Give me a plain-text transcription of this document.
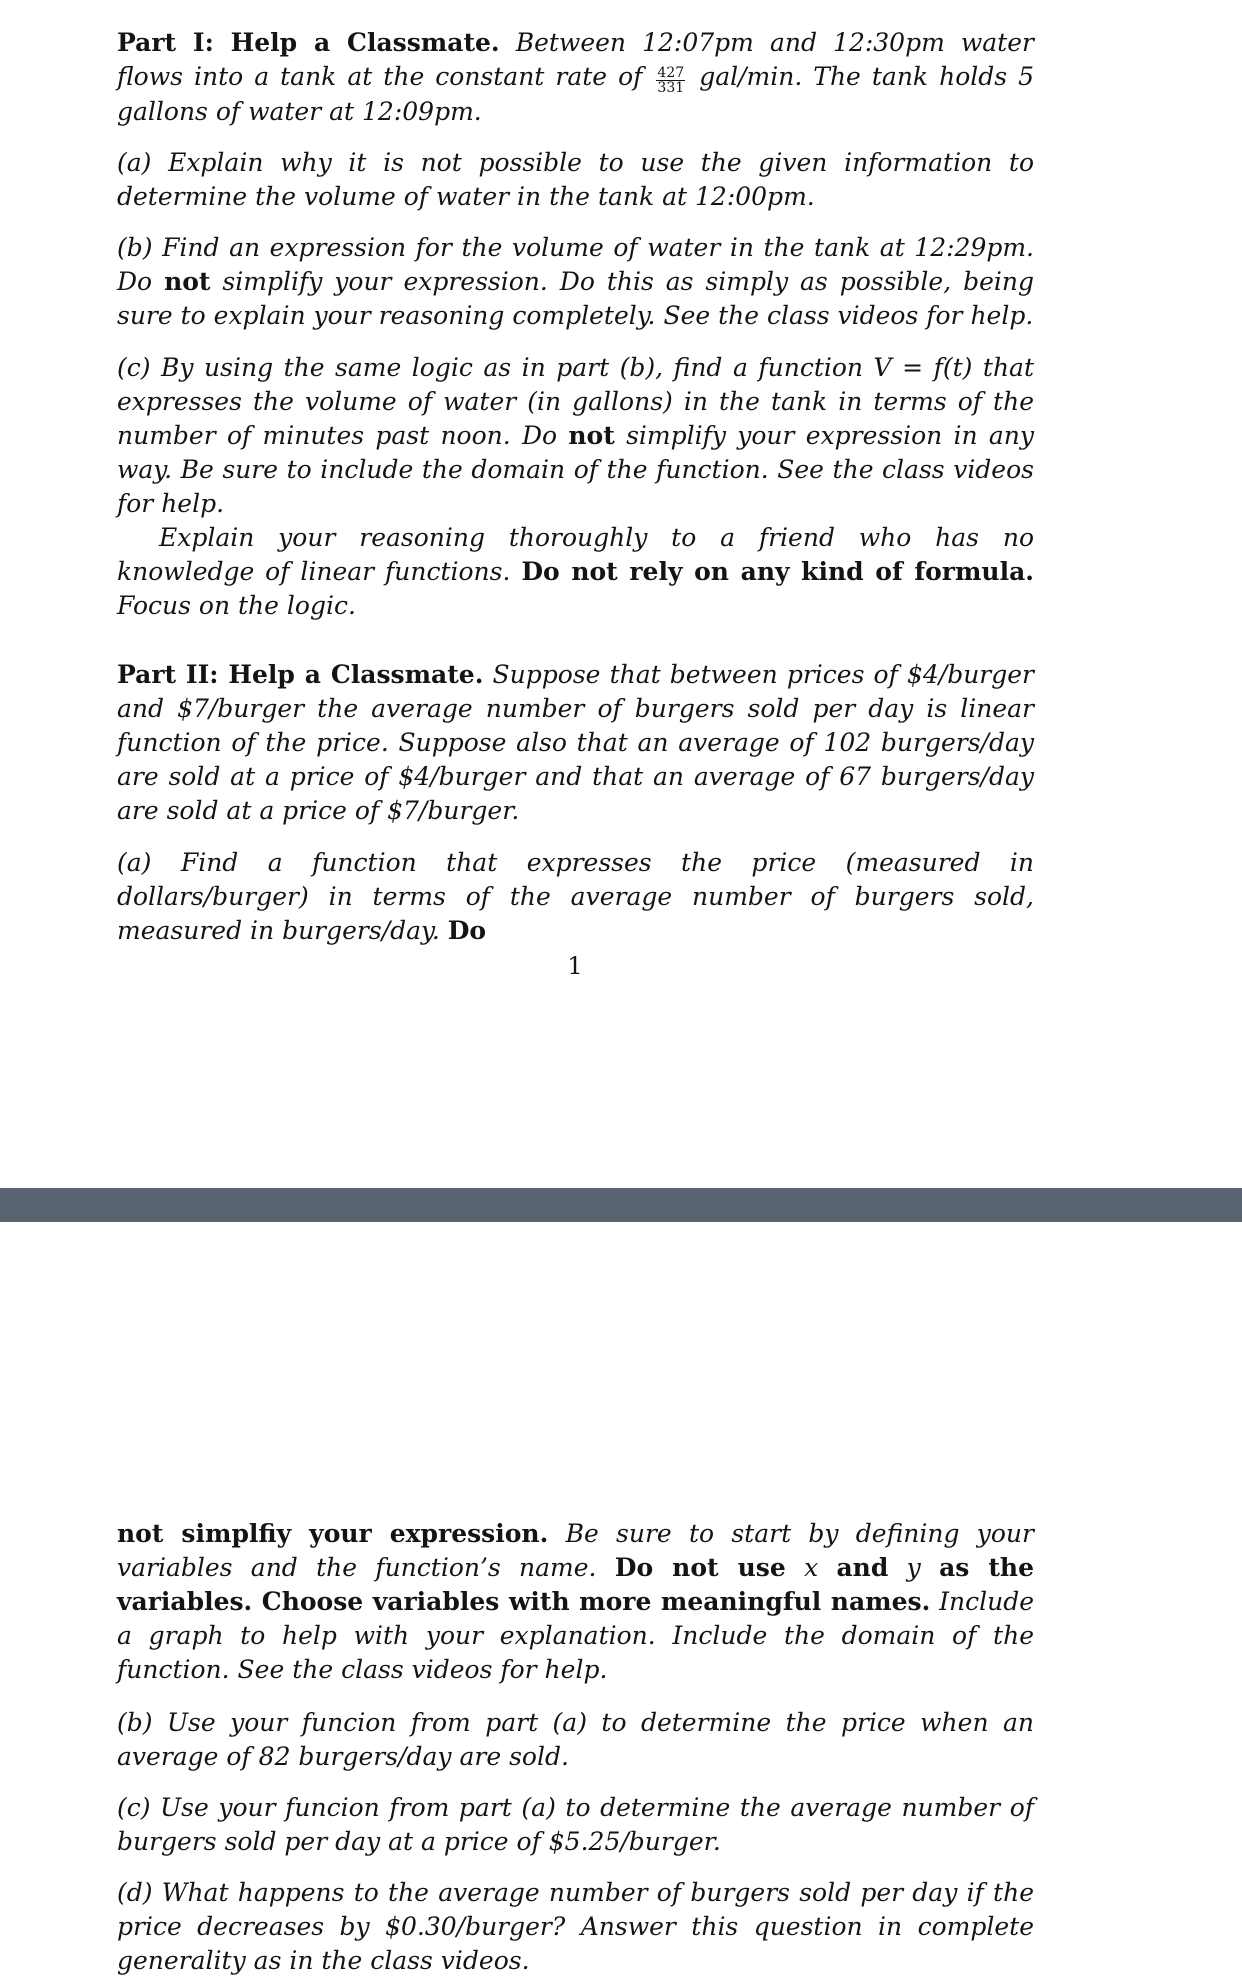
Part I: Help a Classmate. Between 12:07pm and 12:30pm water flows into a tank at the constant rate of $\frac{427}{331} gal/\min$. The tank holds 5 gallons of water at 12:09pm.

(a) Explain why it is not possible to use the given information to determine the volume of water in the tank at 12:00pm.

(b) Find an expression for the volume of water in the tank at 12:29pm. Do not simplify your expression. Do this as simply as possible, being sure to explain your reasoning completely. See the class videos for help.

(c) By using the same logic as in part (b), find a function V = f(t) that expresses the volume of water (in gallons) in the tank in terms of the number of minutes past noon. Do not simplify your expression in any way. Be sure to include the domain of the function. See the class videos for help.
Explain your reasoning thoroughly to a friend who has no knowledge of linear functions. Do not rely on any kind of formula. Focus on the logic.

Part II: Help a Classmate. Suppose that between prices of $4/burger and $7/burger the average number of burgers sold per day is linear function of the price. Suppose also that an average of 102 burgers/day are sold at a price of $4/burger and that an average of 67 burgers/day are sold at a price of $7/burger.

(a) Find a function that expresses the price (measured in dollars/burger) in terms of the average number of burgers sold, measured in burgers/day. Do

1

not simplfiy your expression. Be sure to start by defining your variables and the function’s name. Do not use x and y as the variables. Choose variables with more meaningful names. Include a graph to help with your explanation. Include the domain of the function. See the class videos for help.

(b) Use your funcion from part (a) to determine the price when an average of 82 burgers/day are sold.

(c) Use your funcion from part (a) to determine the average number of burgers sold per day at a price of $5.25/burger.

(d) What happens to the average number of burgers sold per day if the price decreases by $0.30/burger? Answer this question in complete generality as in the class videos.
